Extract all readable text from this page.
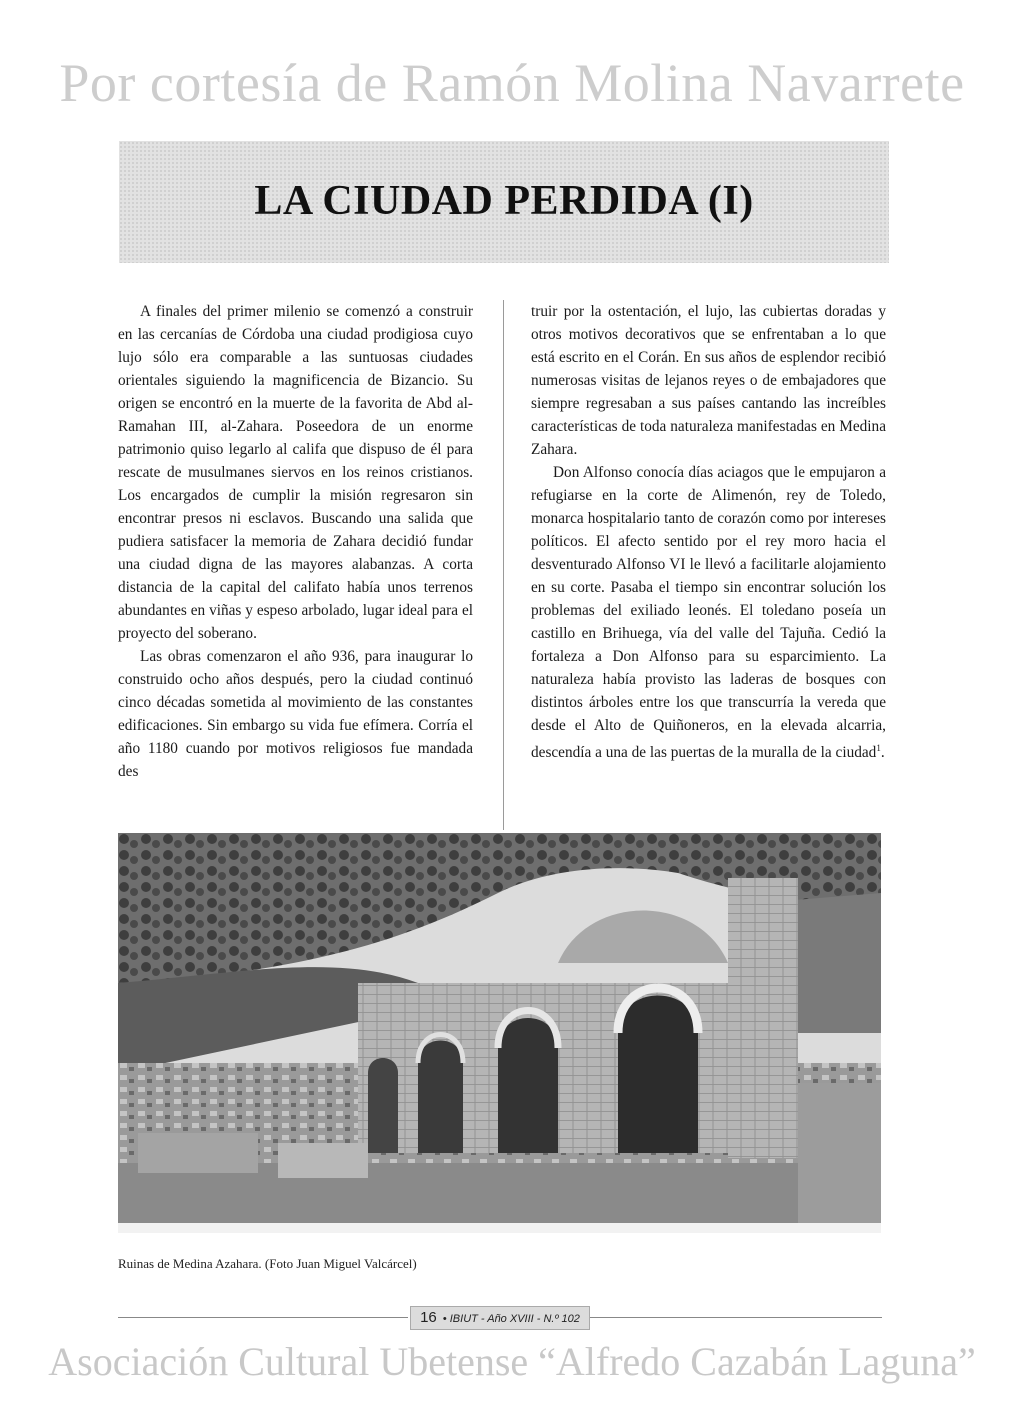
Por cortesía de Ramón Molina Navarrete
LA CIUDAD PERDIDA (I)

A finales del primer milenio se comenzó a construir en las cercanías de Córdoba una ciudad prodigiosa cuyo lujo sólo era comparable a las suntuosas ciudades orientales siguiendo la magnificencia de Bizancio. Su origen se encontró en la muerte de la favorita de Abd al-Ramahan III, al-Zahara. Poseedora de un enorme patrimonio quiso legarlo al califa que dispuso de él para rescate de musulmanes siervos en los reinos cristianos. Los encargados de cumplir la misión regresaron sin encontrar presos ni esclavos. Buscando una salida que pudiera satisfacer la memoria de Zahara decidió fundar una ciudad digna de las mayores alabanzas. A corta distancia de la capital del califato había unos terrenos abundantes en viñas y espeso arbolado, lugar ideal para el proyecto del soberano.

Las obras comenzaron el año 936, para inaugurar lo construido ocho años después, pero la ciudad continuó cinco décadas sometida al movimiento de las constantes edificaciones. Sin embargo su vida fue efímera. Corría el año 1180 cuando por motivos religiosos fue mandada des

truir por la ostentación, el lujo, las cubiertas doradas y otros motivos decorativos que se enfrentaban a lo que está escrito en el Corán. En sus años de esplendor recibió numerosas visitas de lejanos reyes o de embajadores que siempre regresaban a sus países cantando las increíbles características de toda naturaleza manifestadas en Medina Zahara.

Don Alfonso conocía días aciagos que le empujaron a refugiarse en la corte de Alimenón, rey de Toledo, monarca hospitalario tanto de corazón como por intereses políticos. El afecto sentido por el rey moro hacia el desventurado Alfonso VI le llevó a facilitarle alojamiento en su corte. Pasaba el tiempo sin encontrar solución los problemas del exiliado leonés. El toledano poseía un castillo en Brihuega, vía del valle del Tajuña. Cedió la fortaleza a Don Alfonso para su esparcimiento. La naturaleza había provisto las laderas de bosques con distintos árboles entre los que transcurría la vereda que desde el Alto de Quiñoneros, en la elevada alcarria, descendía a una de las puertas de la muralla de la ciudad$^1$.

Ruinas de Medina Azahara. (Foto Juan Miguel Valcárcel)
16 • IBIUT - Año XVIII - N.º 102
Asociación Cultural Ubetense “Alfredo Cazabán Laguna”
